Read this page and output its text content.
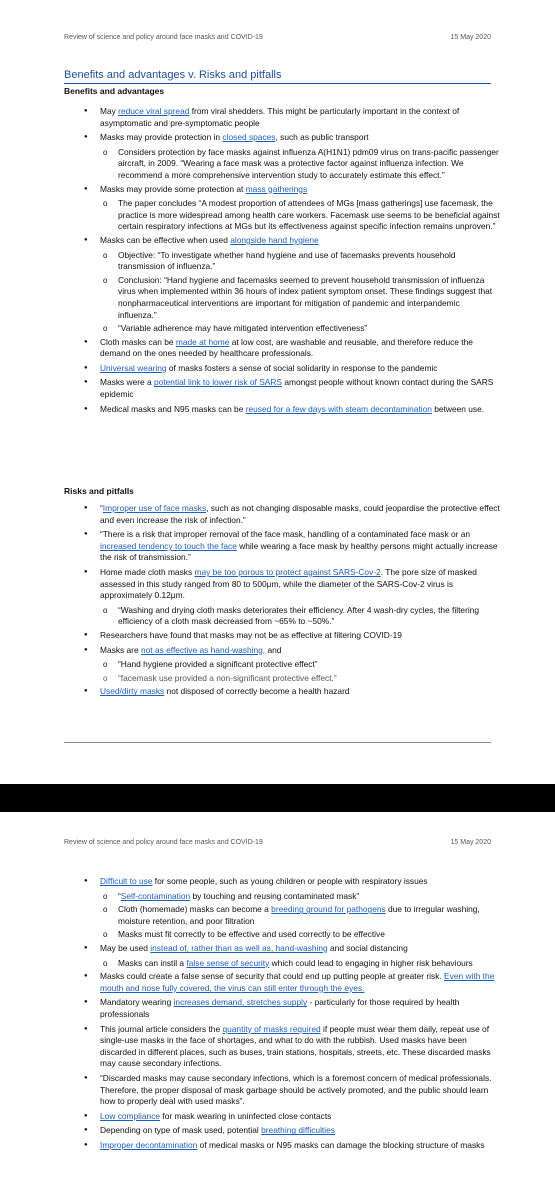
Review of science and policy around face masks and COVID-19	15 May 2020
Benefits and advantages v. Risks and pitfalls

Benefits and advantages

● May reduce viral spread from viral shedders. This might be particularly important in the context of asymptomatic and pre-symptomatic people
● Masks may provide protection in closed spaces, such as public transport
o Considers protection by face masks against influenza A(H1N1) pdm09 virus on trans-pacific passenger aircraft, in 2009. “Wearing a face mask was a protective factor against influenza infection. We recommend a more comprehensive intervention study to accurately estimate this effect.”
● Masks may provide some protection at mass gatherings
o The paper concludes “A modest proportion of attendees of MGs [mass gatherings] use facemask, the practice is more widespread among health care workers. Facemask use seems to be beneficial against certain respiratory infections at MGs but its effectiveness against specific infection remains unproven.”
● Masks can be effective when used alongside hand hygiene
o Objective: “To investigate whether hand hygiene and use of facemasks prevents household transmission of influenza.”
o Conclusion: “Hand hygiene and facemasks seemed to prevent household transmission of influenza virus when implemented within 36 hours of index patient symptom onset. These findings suggest that nonpharmaceutical interventions are important for mitigation of pandemic and interpandemic influenza.”
o “Variable adherence may have mitigated intervention effectiveness”
● Cloth masks can be made at home at low cost, are washable and reusable, and therefore reduce the demand on the ones needed by healthcare professionals.
● Universal wearing of masks fosters a sense of social solidarity in response to the pandemic
● Masks were a potential link to lower risk of SARS amongst people without known contact during the SARS epidemic
● Medical masks and N95 masks can be reused for a few days with steam decontamination between use.

Risks and pitfalls

● “Improper use of face masks, such as not changing disposable masks, could jeopardise the protective effect and even increase the risk of infection.”
● “There is a risk that improper removal of the face mask, handling of a contaminated face mask or an increased tendency to touch the face while wearing a face mask by healthy persons might actually increase the risk of transmission.”
● Home made cloth masks may be too porous to protect against SARS-Cov-2. The pore size of masked assessed in this study ranged from 80 to 500μm, while the diameter of the SARS-Cov-2 virus is approximately 0.12μm.
o “Washing and drying cloth masks deteriorates their efficiency. After 4 wash-dry cycles, the filtering efficiency of a cloth mask decreased from ~65% to ~50%.”
● Researchers have found that masks may not be as effective at filtering COVID-19
● Masks are not as effective as hand-washing, and
o “Hand hygiene provided a significant protective effect”
o “facemask use provided a non-significant protective effect.”
● Used/dirty masks not disposed of correctly become a health hazard
Review of science and policy around face masks and COVID-19	15 May 2020
● Difficult to use for some people, such as young children or people with respiratory issues
o “Self-contamination by touching and reusing contaminated mask”
o Cloth (homemade) masks can become a breeding ground for pathogens due to irregular washing, moisture retention, and poor filtration
o Masks must fit correctly to be effective and used correctly to be effective
● May be used instead of, rather than as well as, hand-washing and social distancing
o Masks can instil a false sense of security which could lead to engaging in higher risk behaviours
● Masks could create a false sense of security that could end up putting people at greater risk. Even with the mouth and nose fully covered, the virus can still enter through the eyes.
● Mandatory wearing increases demand, stretches supply - particularly for those required by health professionals
● This journal article considers the quantity of masks required if people must wear them daily, repeat use of single-use masks in the face of shortages, and what to do with the rubbish. Used masks have been discarded in different places, such as buses, train stations, hospitals, streets, etc. These discarded masks may cause secondary infections.
● “Discarded masks may cause secondary infections, which is a foremost concern of medical professionals. Therefore, the proper disposal of mask garbage should be actively promoted, and the public should learn how to properly deal with used masks”.
● Low compliance for mask wearing in uninfected close contacts
● Depending on type of mask used, potential breathing difficulties
● Improper decontamination of medical masks or N95 masks can damage the blocking structure of masks
